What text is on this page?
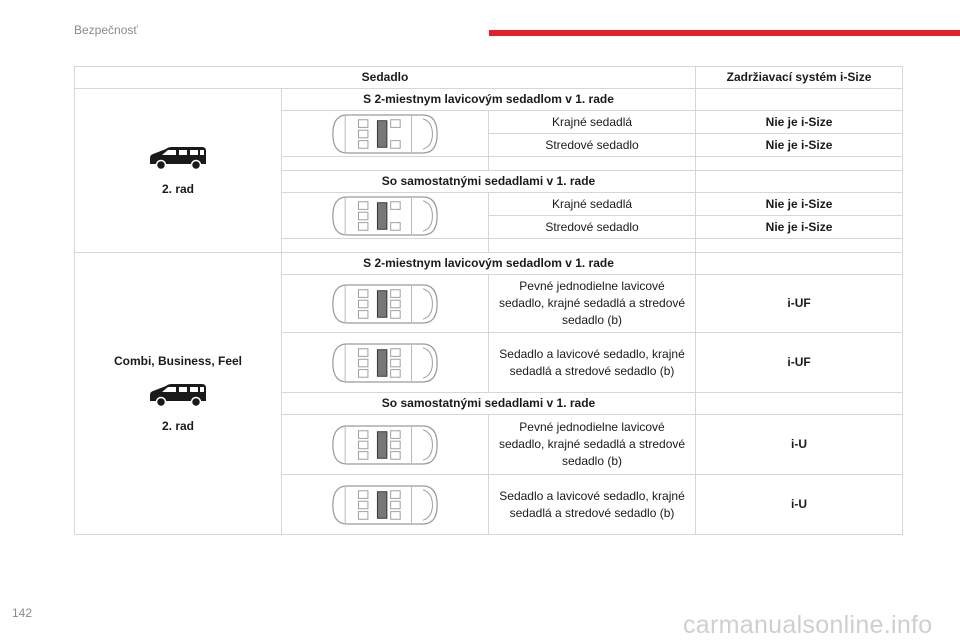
Bezpečnosť
Sedadlo			Zadržiavací systém i-Size

2. rad	S 2-miestnym lavicovým sedadlom v 1. rade		

	Krajné sedadlá	Nie je i-Size
		Stredové sedadlo	Nie je i-Size

	So samostatnými sedadlami v 1. rade		

	Krajné sedadlá	Nie je i-Size
		Stredové sedadlo	Nie je i-Size

Combi, Business, Feel
2. rad	S 2-miestnym lavicovým sedadlom v 1. rade		

	Pevné jednodielne lavicové sedadlo, krajné sedadlá a stredové sedadlo (b)	i-UF

	Sedadlo a lavicové sedadlo, krajné sedadlá a stredové sedadlo (b)	i-UF
	So samostatnými sedadlami v 1. rade		

	Pevné jednodielne lavicové sedadlo, krajné sedadlá a stredové sedadlo (b)	i-U

	Sedadlo a lavicové sedadlo, krajné sedadlá a stredové sedadlo (b)	i-U
142	carmanualsonline.info
